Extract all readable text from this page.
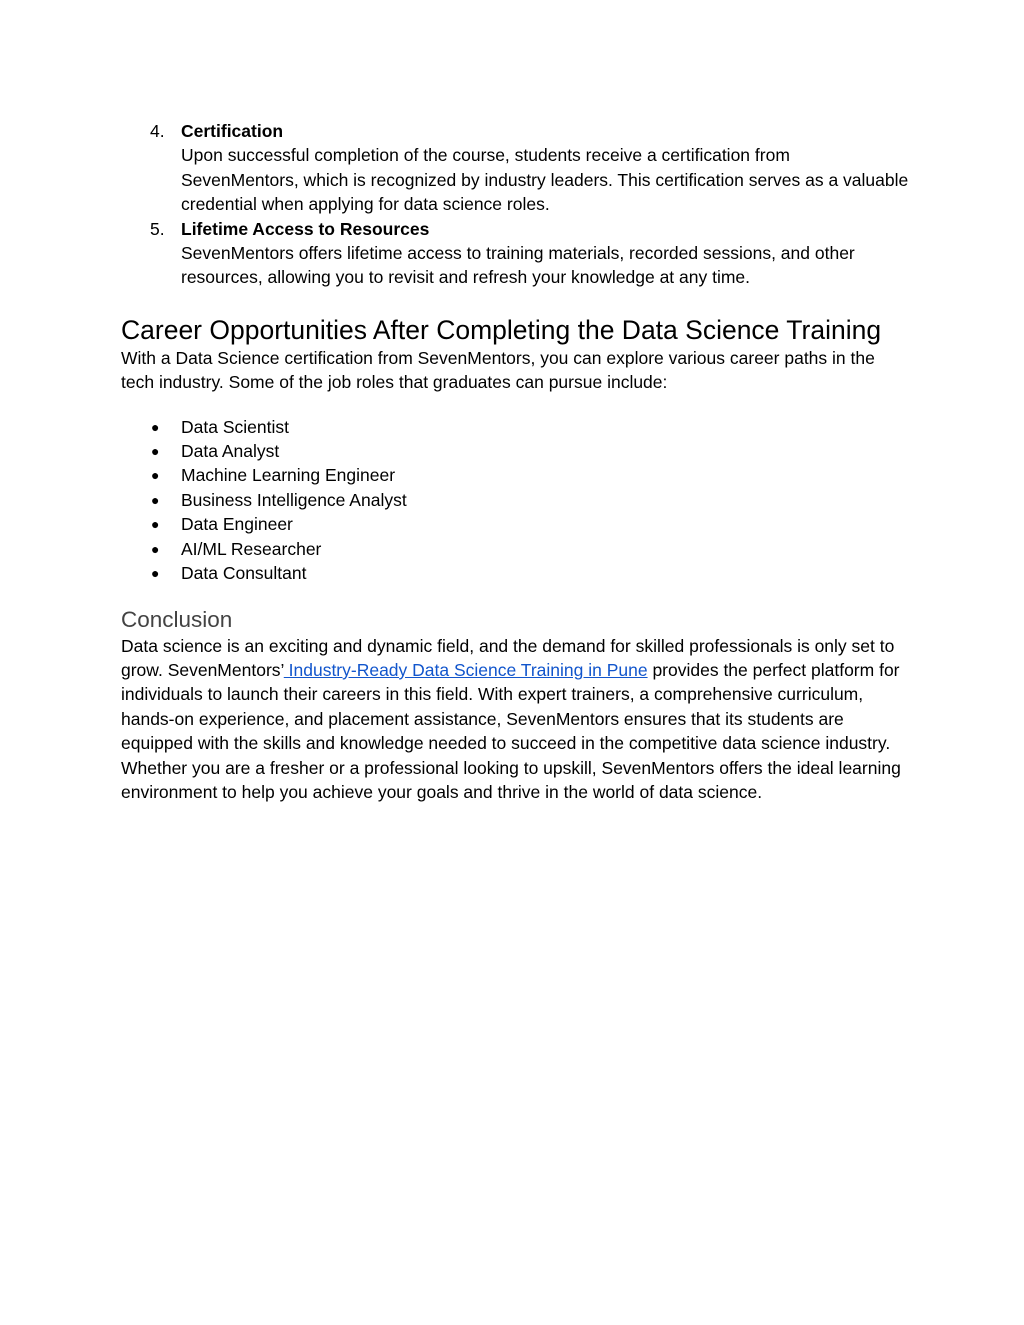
4. Certification
Upon successful completion of the course, students receive a certification from SevenMentors, which is recognized by industry leaders. This certification serves as a valuable credential when applying for data science roles.
5. Lifetime Access to Resources
SevenMentors offers lifetime access to training materials, recorded sessions, and other resources, allowing you to revisit and refresh your knowledge at any time.
Career Opportunities After Completing the Data Science Training

With a Data Science certification from SevenMentors, you can explore various career paths in the tech industry. Some of the job roles that graduates can pursue include:

● Data Scientist
● Data Analyst
● Machine Learning Engineer
● Business Intelligence Analyst
● Data Engineer
● AI/ML Researcher
● Data Consultant
Conclusion

Data science is an exciting and dynamic field, and the demand for skilled professionals is only set to grow. SevenMentors’ Industry-Ready Data Science Training in Pune provides the perfect platform for individuals to launch their careers in this field. With expert trainers, a comprehensive curriculum, hands-on experience, and placement assistance, SevenMentors ensures that its students are equipped with the skills and knowledge needed to succeed in the competitive data science industry. Whether you are a fresher or a professional looking to upskill, SevenMentors offers the ideal learning environment to help you achieve your goals and thrive in the world of data science.
